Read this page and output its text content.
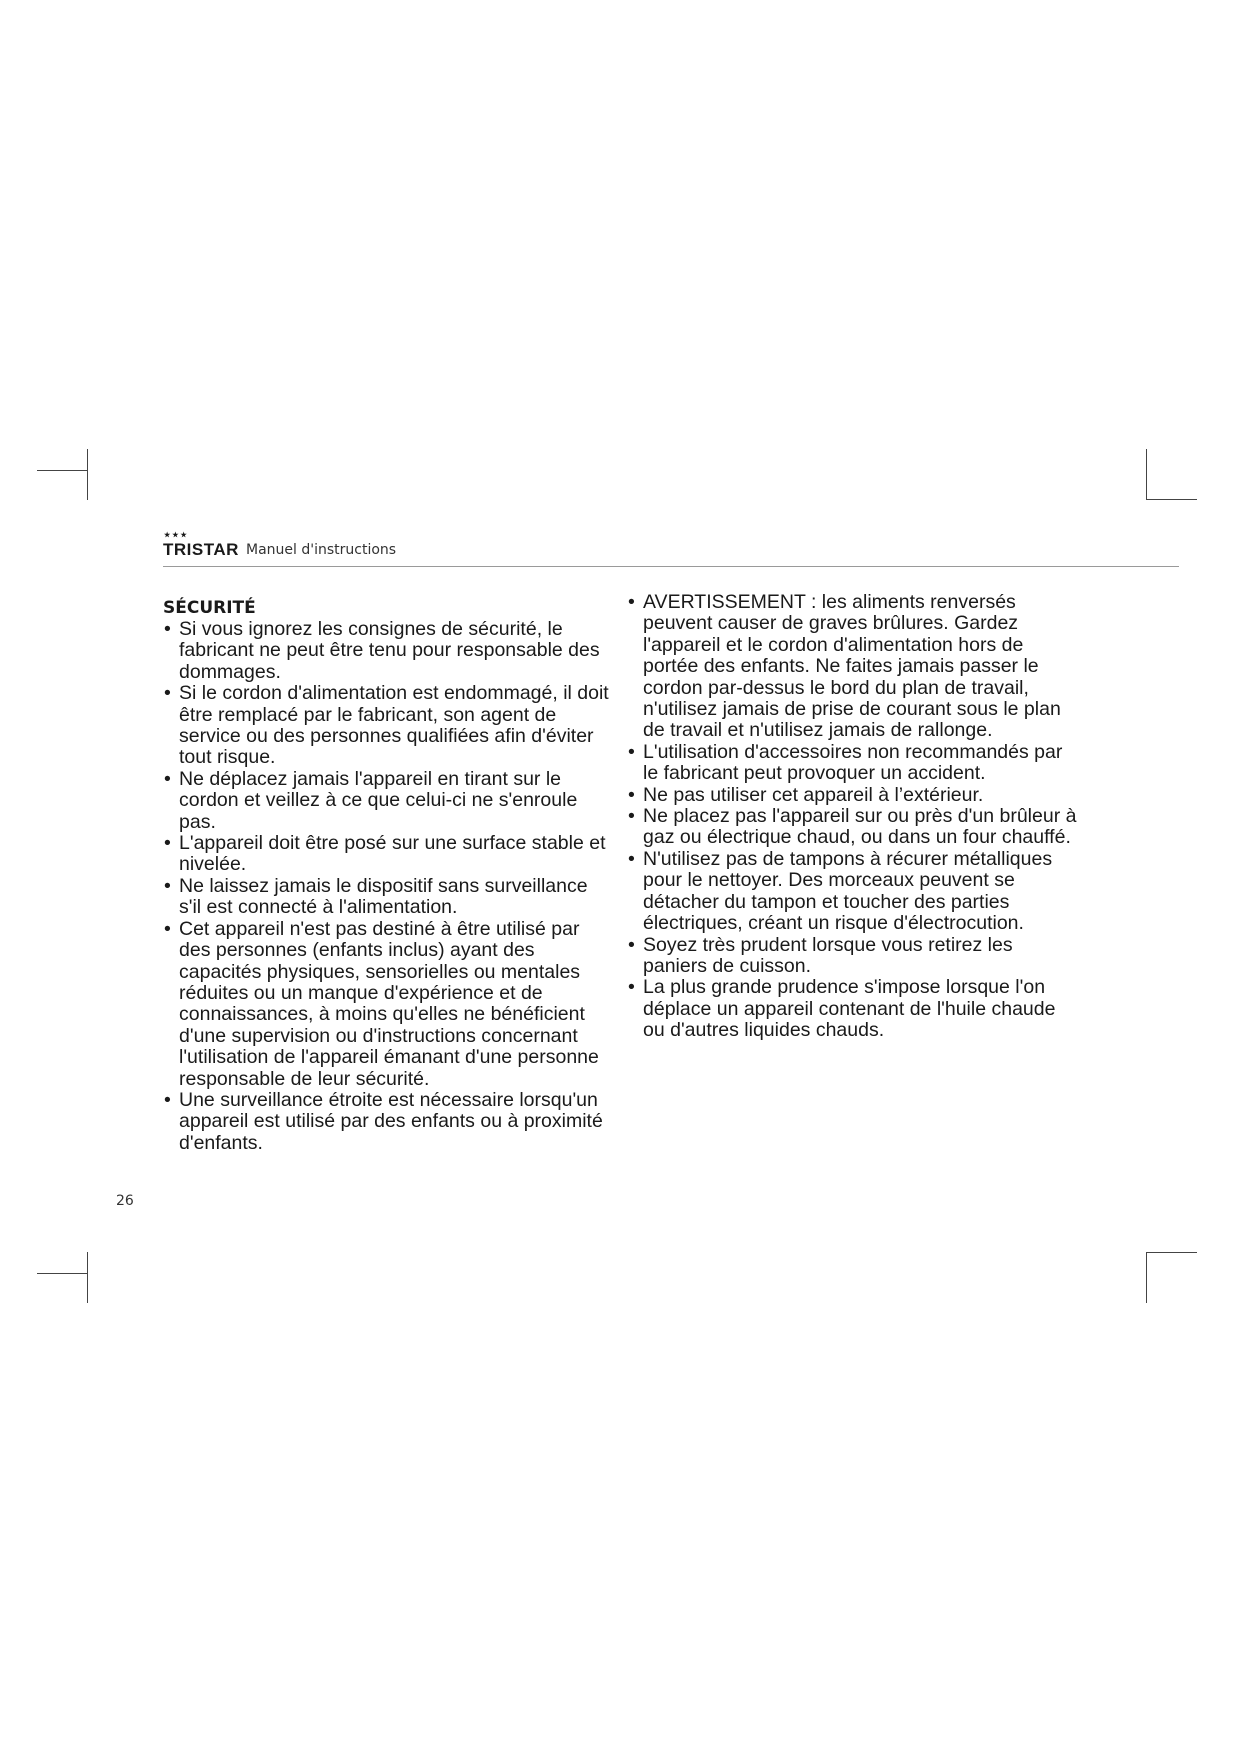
★★★
TRISTAR Manuel d'instructions
SÉCURITÉ
• Si vous ignorez les consignes de sécurité, le fabricant ne peut être tenu pour responsable des dommages.
• Si le cordon d'alimentation est endommagé, il doit être remplacé par le fabricant, son agent de service ou des personnes qualifiées afin d'éviter tout risque.
• Ne déplacez jamais l'appareil en tirant sur le cordon et veillez à ce que celui-ci ne s'enroule pas.
• L'appareil doit être posé sur une surface stable et nivelée.
• Ne laissez jamais le dispositif sans surveillance s'il est connecté à l'alimentation.
• Cet appareil n'est pas destiné à être utilisé par des personnes (enfants inclus) ayant des capacités physiques, sensorielles ou mentales réduites ou un manque d'expérience et de connaissances, à moins qu'elles ne bénéficient d'une supervision ou d'instructions concernant l'utilisation de l'appareil émanant d'une personne responsable de leur sécurité.
• Une surveillance étroite est nécessaire lorsqu'un appareil est utilisé par des enfants ou à proximité d'enfants.
• AVERTISSEMENT : les aliments renversés peuvent causer de graves brûlures. Gardez l'appareil et le cordon d'alimentation hors de portée des enfants. Ne faites jamais passer le cordon par-dessus le bord du plan de travail, n'utilisez jamais de prise de courant sous le plan de travail et n'utilisez jamais de rallonge.
• L'utilisation d'accessoires non recommandés par le fabricant peut provoquer un accident.
• Ne pas utiliser cet appareil à l’extérieur.
• Ne placez pas l'appareil sur ou près d'un brûleur à gaz ou électrique chaud, ou dans un four chauffé.
• N'utilisez pas de tampons à récurer métalliques pour le nettoyer. Des morceaux peuvent se détacher du tampon et toucher des parties électriques, créant un risque d'électrocution.
• Soyez très prudent lorsque vous retirez les paniers de cuisson.
• La plus grande prudence s'impose lorsque l'on déplace un appareil contenant de l'huile chaude ou d'autres liquides chauds.
26
